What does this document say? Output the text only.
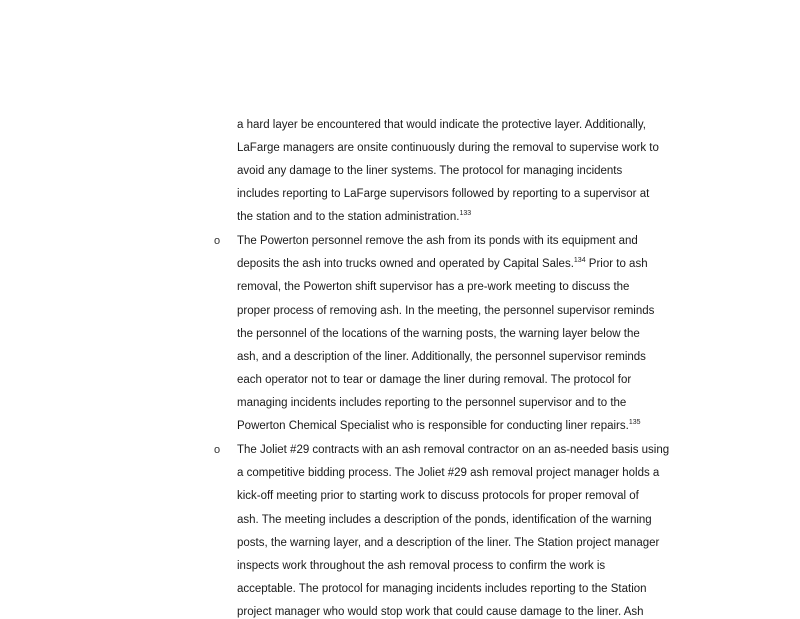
a hard layer be encountered that would indicate the protective layer. Additionally,
LaFarge managers are onsite continuously during the removal to supervise work to
avoid any damage to the liner systems. The protocol for managing incidents
includes reporting to LaFarge supervisors followed by reporting to a supervisor at
the station and to the station administration.$^{133}$
o The Powerton personnel remove the ash from its ponds with its equipment and
deposits the ash into trucks owned and operated by Capital Sales.$^{134}$ Prior to ash
removal, the Powerton shift supervisor has a pre-work meeting to discuss the
proper process of removing ash. In the meeting, the personnel supervisor reminds
the personnel of the locations of the warning posts, the warning layer below the
ash, and a description of the liner. Additionally, the personnel supervisor reminds
each operator not to tear or damage the liner during removal. The protocol for
managing incidents includes reporting to the personnel supervisor and to the
Powerton Chemical Specialist who is responsible for conducting liner repairs.$^{135}$
o The Joliet #29 contracts with an ash removal contractor on an as-needed basis using
a competitive bidding process. The Joliet #29 ash removal project manager holds a
kick-off meeting prior to starting work to discuss protocols for proper removal of
ash. The meeting includes a description of the ponds, identification of the warning
posts, the warning layer, and a description of the liner. The Station project manager
inspects work throughout the ash removal process to confirm the work is
acceptable. The protocol for managing incidents includes reporting to the Station
project manager who would stop work that could cause damage to the liner. Ash
